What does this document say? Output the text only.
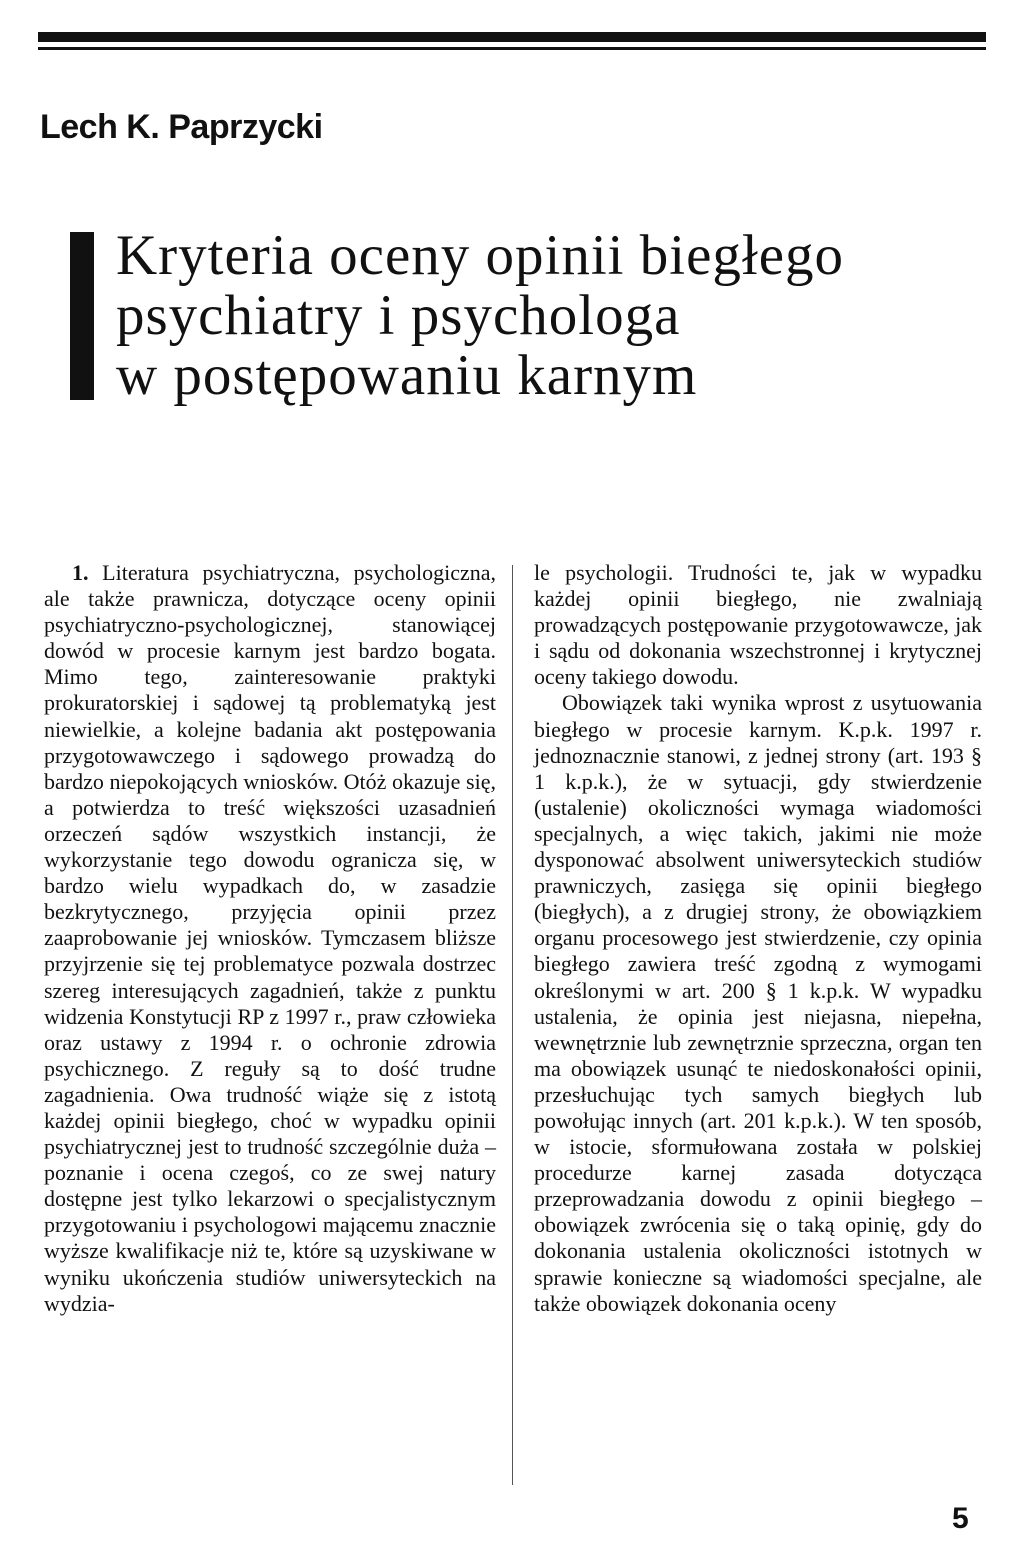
Lech K. Paprzycki
Kryteria oceny opinii biegłego
psychiatry i psychologa
w postępowaniu karnym

1. Literatura psychiatryczna, psychologiczna, ale także prawnicza, dotyczące oceny opinii psychiatryczno-psychologicznej, stanowiącej dowód w procesie karnym jest bardzo bogata. Mimo tego, zainteresowanie praktyki prokuratorskiej i sądowej tą problematyką jest niewielkie, a kolejne badania akt postępowania przygotowawczego i sądowego prowadzą do bardzo niepokojących wniosków. Otóż okazuje się, a potwierdza to treść większości uzasadnień orzeczeń sądów wszystkich instancji, że wykorzystanie tego dowodu ogranicza się, w bardzo wielu wypadkach do, w zasadzie bezkrytycznego, przyjęcia opinii przez zaaprobowanie jej wniosków. Tymczasem bliższe przyjrzenie się tej problematyce pozwala dostrzec szereg interesujących zagadnień, także z punktu widzenia Konstytucji RP z 1997 r., praw człowieka oraz ustawy z 1994 r. o ochronie zdrowia psychicznego. Z reguły są to dość trudne zagadnienia. Owa trudność wiąże się z istotą każdej opinii biegłego, choć w wypadku opinii psychiatrycznej jest to trudność szczególnie duża – poznanie i ocena czegoś, co ze swej natury dostępne jest tylko lekarzowi o specjalistycznym przygotowaniu i psychologowi mającemu znacznie wyższe kwalifikacje niż te, które są uzyskiwane w wyniku ukończenia studiów uniwersyteckich na wydzia-

le psychologii. Trudności te, jak w wypadku każdej opinii biegłego, nie zwalniają prowadzących postępowanie przygotowawcze, jak i sądu od dokonania wszechstronnej i krytycznej oceny takiego dowodu.

Obowiązek taki wynika wprost z usytuowania biegłego w procesie karnym. K.p.k. 1997 r. jednoznacznie stanowi, z jednej strony (art. 193 § 1 k.p.k.), że w sytuacji, gdy stwierdzenie (ustalenie) okoliczności wymaga wiadomości specjalnych, a więc takich, jakimi nie może dysponować absolwent uniwersyteckich studiów prawniczych, zasięga się opinii biegłego (biegłych), a z drugiej strony, że obowiązkiem organu procesowego jest stwierdzenie, czy opinia biegłego zawiera treść zgodną z wymogami określonymi w art. 200 § 1 k.p.k. W wypadku ustalenia, że opinia jest niejasna, niepełna, wewnętrznie lub zewnętrznie sprzeczna, organ ten ma obowiązek usunąć te niedoskonałości opinii, przesłuchując tych samych biegłych lub powołując innych (art. 201 k.p.k.). W ten sposób, w istocie, sformułowana została w polskiej procedurze karnej zasada dotycząca przeprowadzania dowodu z opinii biegłego – obowiązek zwrócenia się o taką opinię, gdy do dokonania ustalenia okoliczności istotnych w sprawie konieczne są wiadomości specjalne, ale także obowiązek dokonania oceny

5
